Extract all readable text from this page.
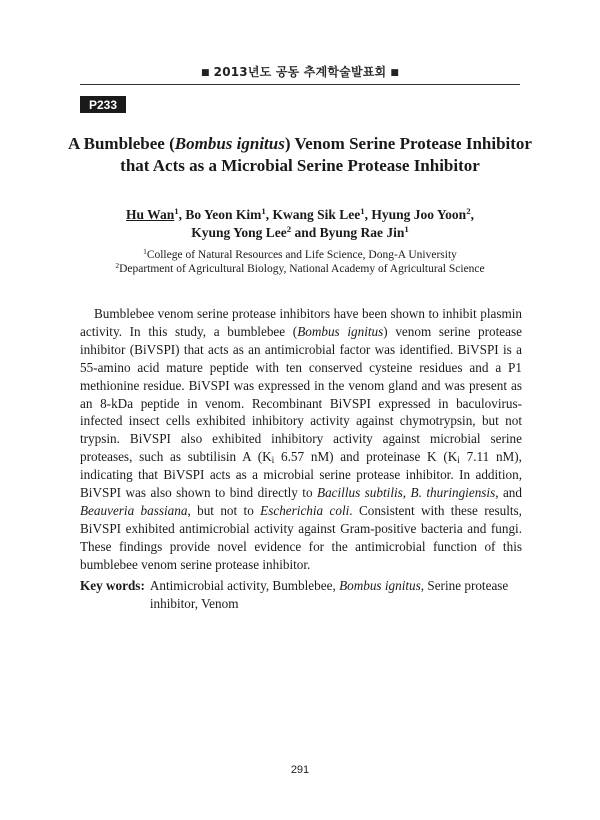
■ 2013년도 공동 추계학술발표회 ■
P233
A Bumblebee (Bombus ignitus) Venom Serine Protease Inhibitor
that Acts as a Microbial Serine Protease Inhibitor
Hu Wan$^1$, Bo Yeon Kim$^1$, Kwang Sik Lee$^1$, Hyung Joo Yoon$^2$,
Kyung Yong Lee$^2$ and Byung Rae Jin$^1$
$^1$College of Natural Resources and Life Science, Dong-A University
$^2$Department of Agricultural Biology, National Academy of Agricultural Science

Bumblebee venom serine protease inhibitors have been shown to inhibit plasmin activity. In this study, a bumblebee (Bombus ignitus) venom serine protease inhibitor (BiVSPI) that acts as an antimicrobial factor was identified. BiVSPI is a 55-amino acid mature peptide with ten conserved cysteine residues and a P1 methionine residue. BiVSPI was expressed in the venom gland and was present as an 8-kDa peptide in venom. Recombinant BiVSPI expressed in baculovirus-infected insect cells exhibited inhibitory activity against chymotrypsin, but not trypsin. BiVSPI also exhibited inhibitory activity against microbial serine proteases, such as subtilisin A ($K_i$ 6.57 nM) and proteinase K ($K_i$ 7.11 nM), indicating that BiVSPI acts as a microbial serine protease inhibitor. In addition, BiVSPI was also shown to bind directly to Bacillus subtilis, B. thuringiensis, and Beauveria bassiana, but not to Escherichia coli. Consistent with these results, BiVSPI exhibited antimicrobial activity against Gram-positive bacteria and fungi. These findings provide novel evidence for the antimicrobial function of this bumblebee venom serine protease inhibitor.

Key words: Antimicrobial activity, Bumblebee, Bombus ignitus, Serine protease inhibitor, Venom
291
